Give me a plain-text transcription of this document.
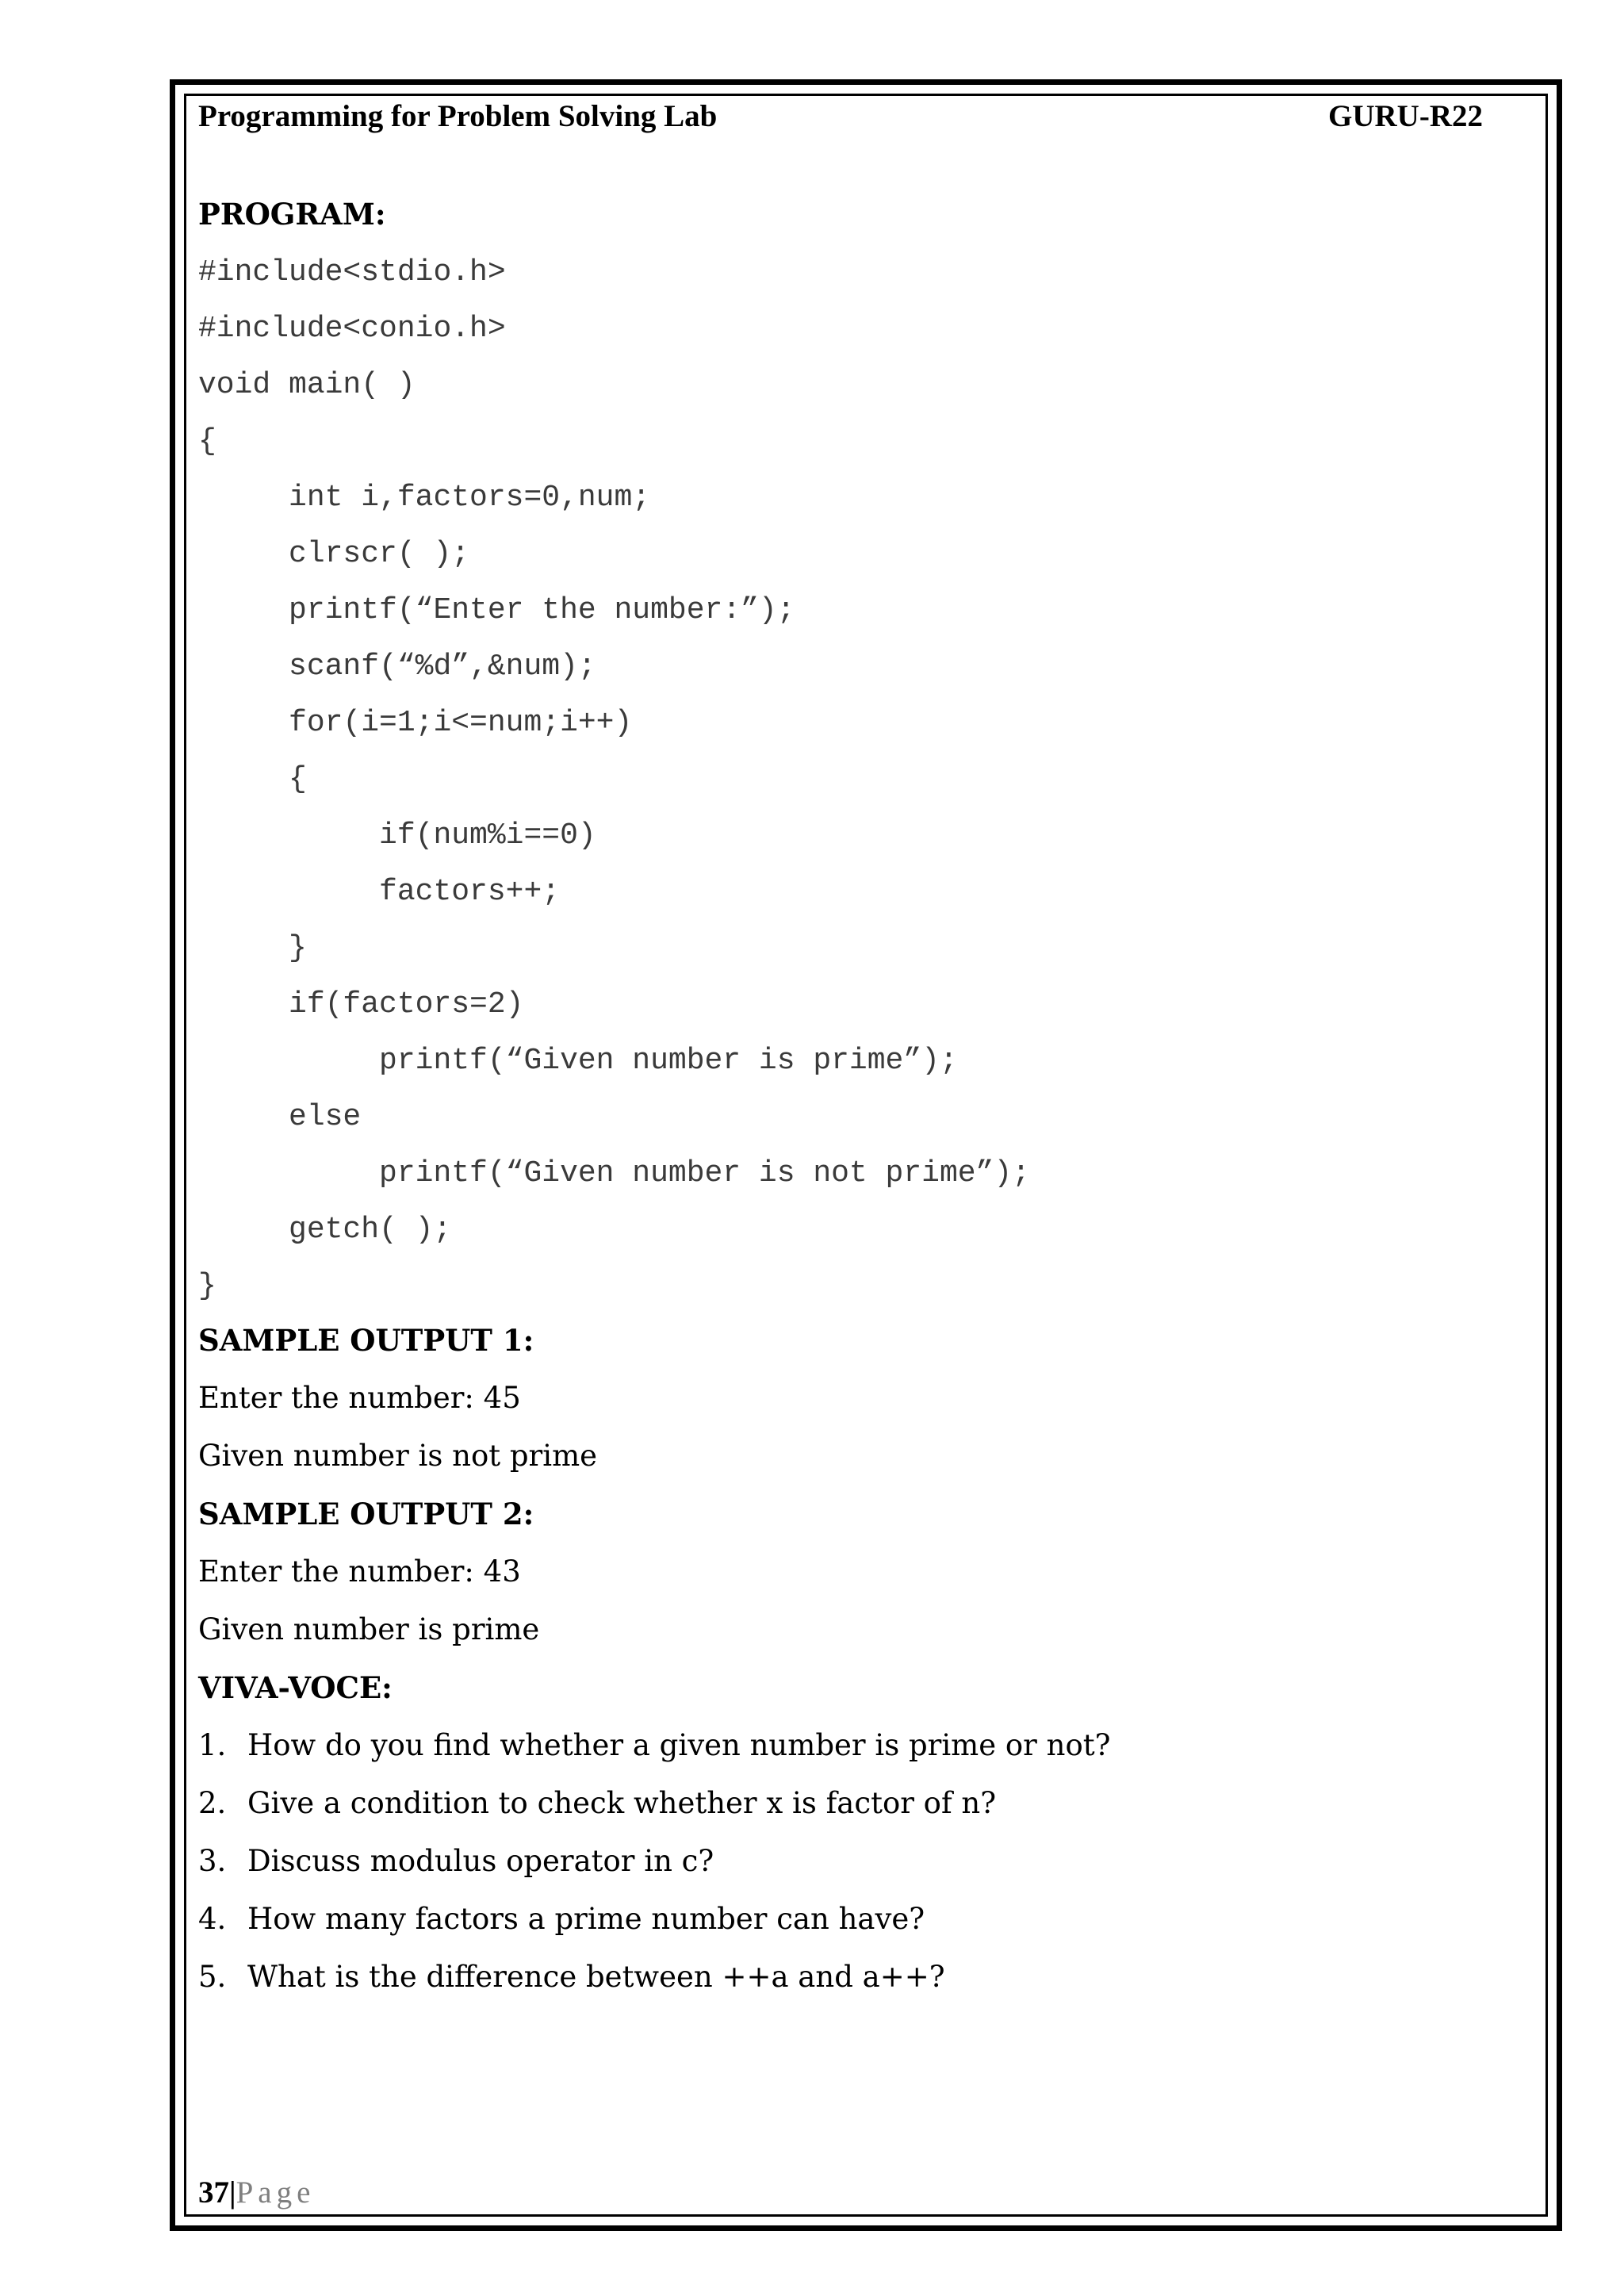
Programming for Problem Solving Lab	GURU-R22
PROGRAM:
#include<stdio.h>
#include<conio.h>
void main( )
{
int i,factors=0,num;
clrscr( );
printf(“Enter the number:”);
scanf(“%d”,&num);
for(i=1;i<=num;i++)
{
if(num%i==0)
factors++;
}
if(factors=2)
printf(“Given number is prime”);
else
printf(“Given number is not prime”);
getch( );
}
SAMPLE OUTPUT 1:
Enter the number: 45
Given number is not prime
SAMPLE OUTPUT 2:
Enter the number: 43
Given number is prime
VIVA-VOCE:
1. How do you find whether a given number is prime or not?
2. Give a condition to check whether x is factor of n?
3. Discuss modulus operator in c?
4. How many factors a prime number can have?
5. What is the difference between ++a and a++?
37|Page
